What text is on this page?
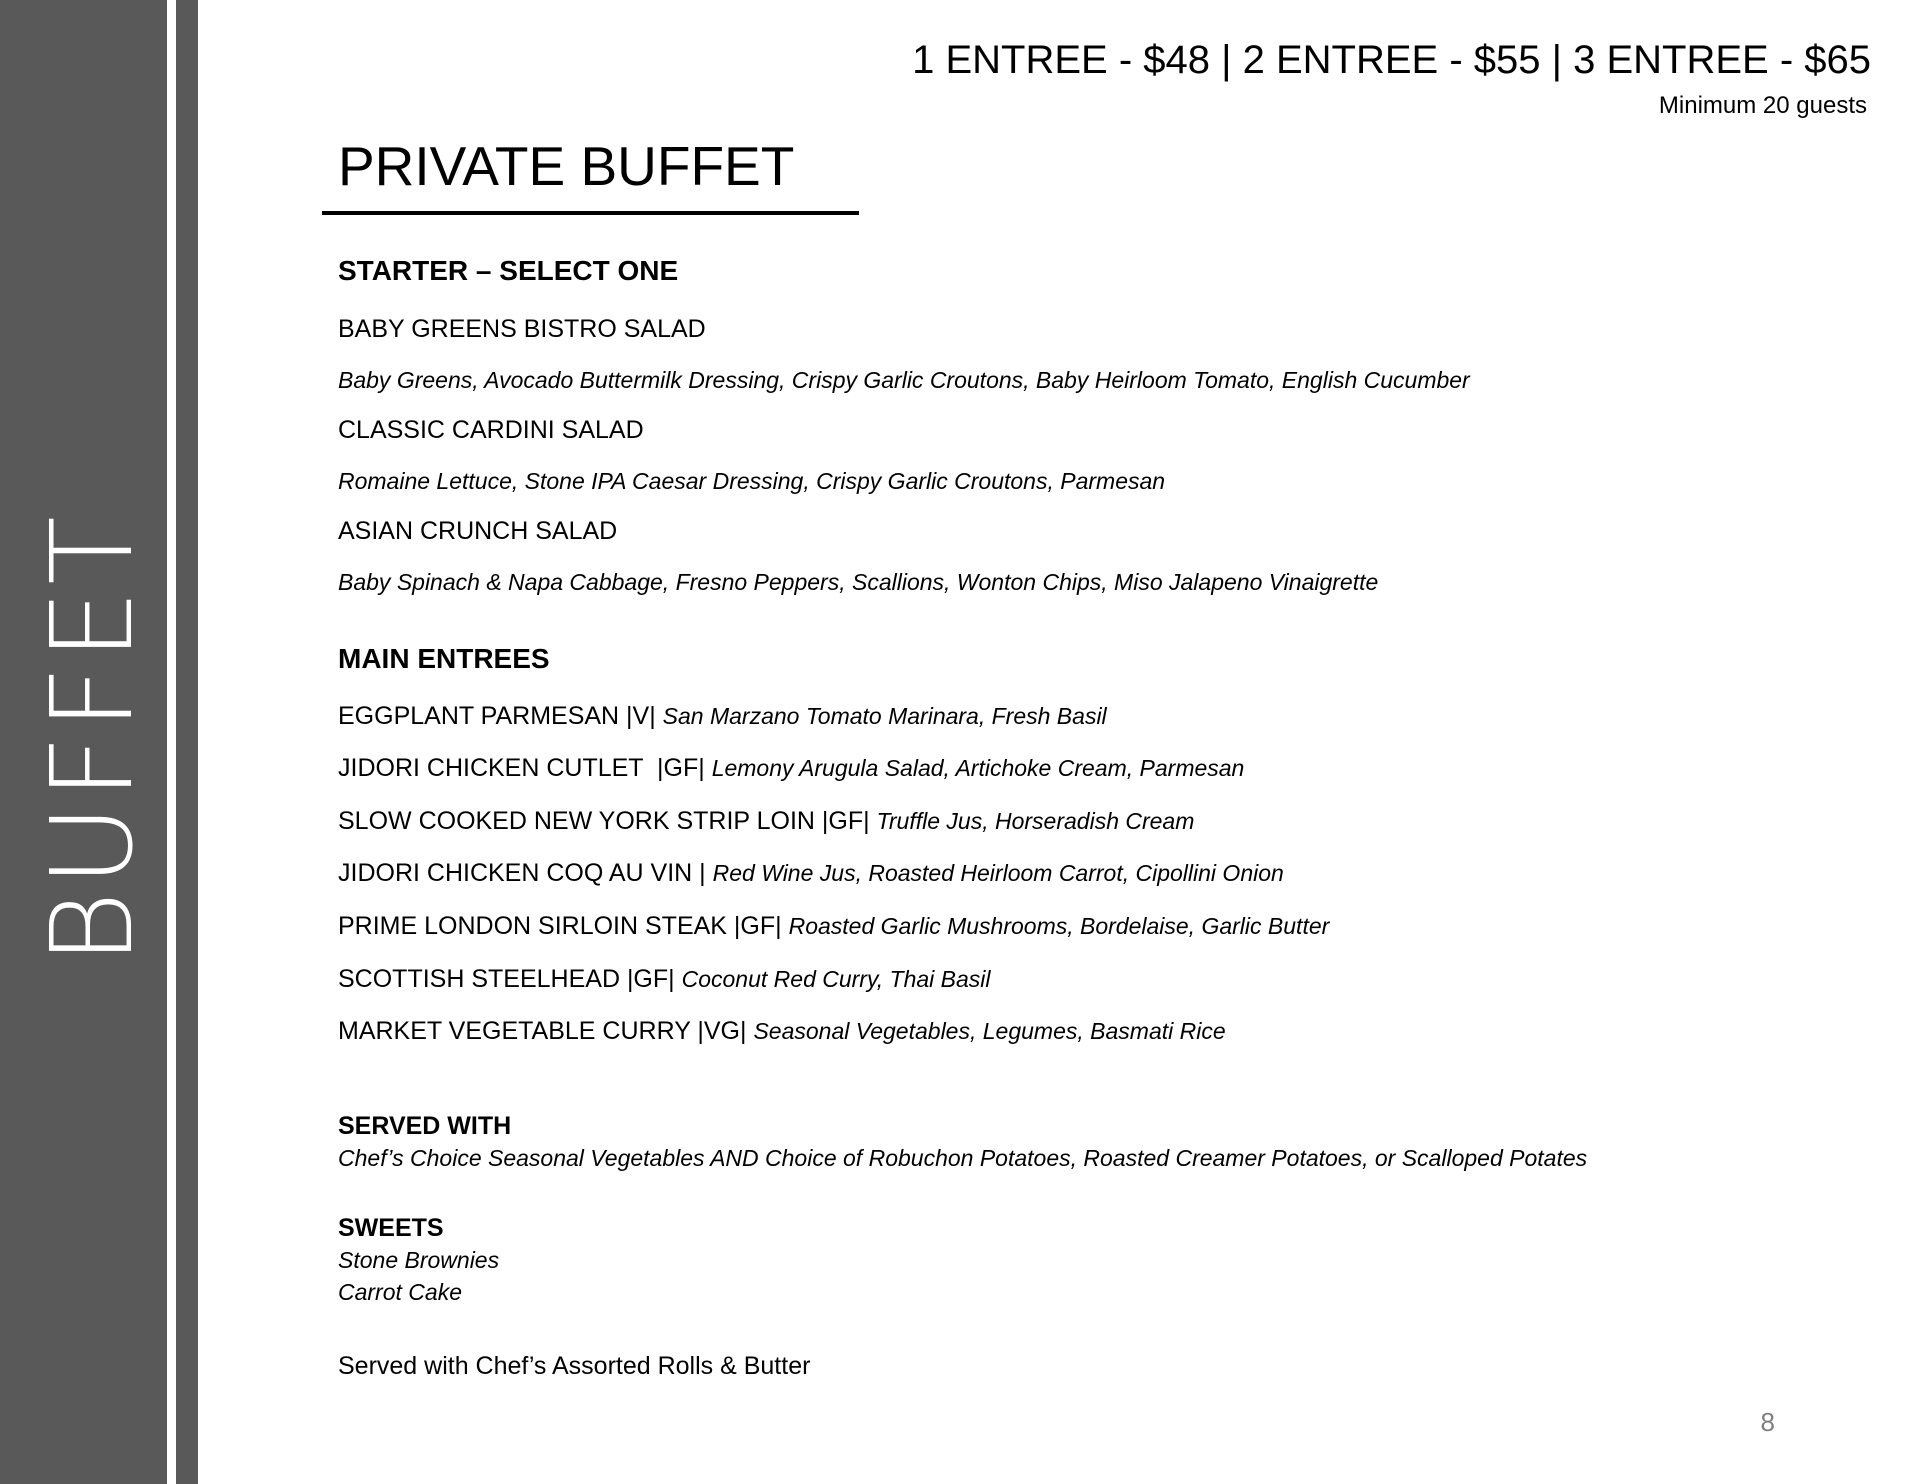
BUFFET
1 ENTREE - $48 | 2 ENTREE - $55 | 3 ENTREE - $65
Minimum 20 guests
PRIVATE BUFFET
STARTER – SELECT ONE
BABY GREENS BISTRO SALAD
Baby Greens, Avocado Buttermilk Dressing, Crispy Garlic Croutons, Baby Heirloom Tomato, English Cucumber
CLASSIC CARDINI SALAD
Romaine Lettuce, Stone IPA Caesar Dressing, Crispy Garlic Croutons, Parmesan
ASIAN CRUNCH SALAD
Baby Spinach & Napa Cabbage, Fresno Peppers, Scallions, Wonton Chips, Miso Jalapeno Vinaigrette
MAIN ENTREES
EGGPLANT PARMESAN |V| San Marzano Tomato Marinara, Fresh Basil
JIDORI CHICKEN CUTLET  |GF| Lemony Arugula Salad, Artichoke Cream, Parmesan
SLOW COOKED NEW YORK STRIP LOIN |GF| Truffle Jus, Horseradish Cream
JIDORI CHICKEN COQ AU VIN | Red Wine Jus, Roasted Heirloom Carrot, Cipollini Onion
PRIME LONDON SIRLOIN STEAK |GF| Roasted Garlic Mushrooms, Bordelaise, Garlic Butter
SCOTTISH STEELHEAD |GF| Coconut Red Curry, Thai Basil
MARKET VEGETABLE CURRY |VG| Seasonal Vegetables, Legumes, Basmati Rice
SERVED WITH
Chef’s Choice Seasonal Vegetables AND Choice of Robuchon Potatoes, Roasted Creamer Potatoes, or Scalloped Potates
SWEETS
Stone Brownies
Carrot Cake
Served with Chef’s Assorted Rolls & Butter
8
